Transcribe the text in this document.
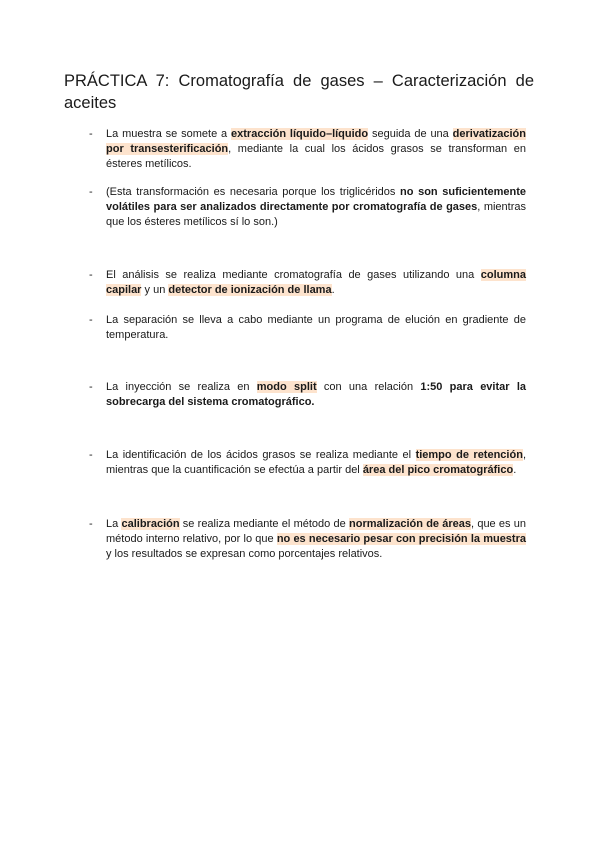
PRÁCTICA 7: Cromatografía de gases – Caracterización de aceites
- La muestra se somete a extracción líquido–líquido seguida de una derivatización por transesterificación, mediante la cual los ácidos grasos se transforman en ésteres metílicos.

- (Esta transformación es necesaria porque los triglicéridos no son suficientemente volátiles para ser analizados directamente por cromatografía de gases, mientras que los ésteres metílicos sí lo son.)

- El análisis se realiza mediante cromatografía de gases utilizando una columna capilar y un detector de ionización de llama.

- La separación se lleva a cabo mediante un programa de elución en gradiente de temperatura.

- La inyección se realiza en modo split con una relación 1:50 para evitar la sobrecarga del sistema cromatográfico.

- La identificación de los ácidos grasos se realiza mediante el tiempo de retención, mientras que la cuantificación se efectúa a partir del área del pico cromatográfico.

- La calibración se realiza mediante el método de normalización de áreas, que es un método interno relativo, por lo que no es necesario pesar con precisión la muestra y los resultados se expresan como porcentajes relativos.
